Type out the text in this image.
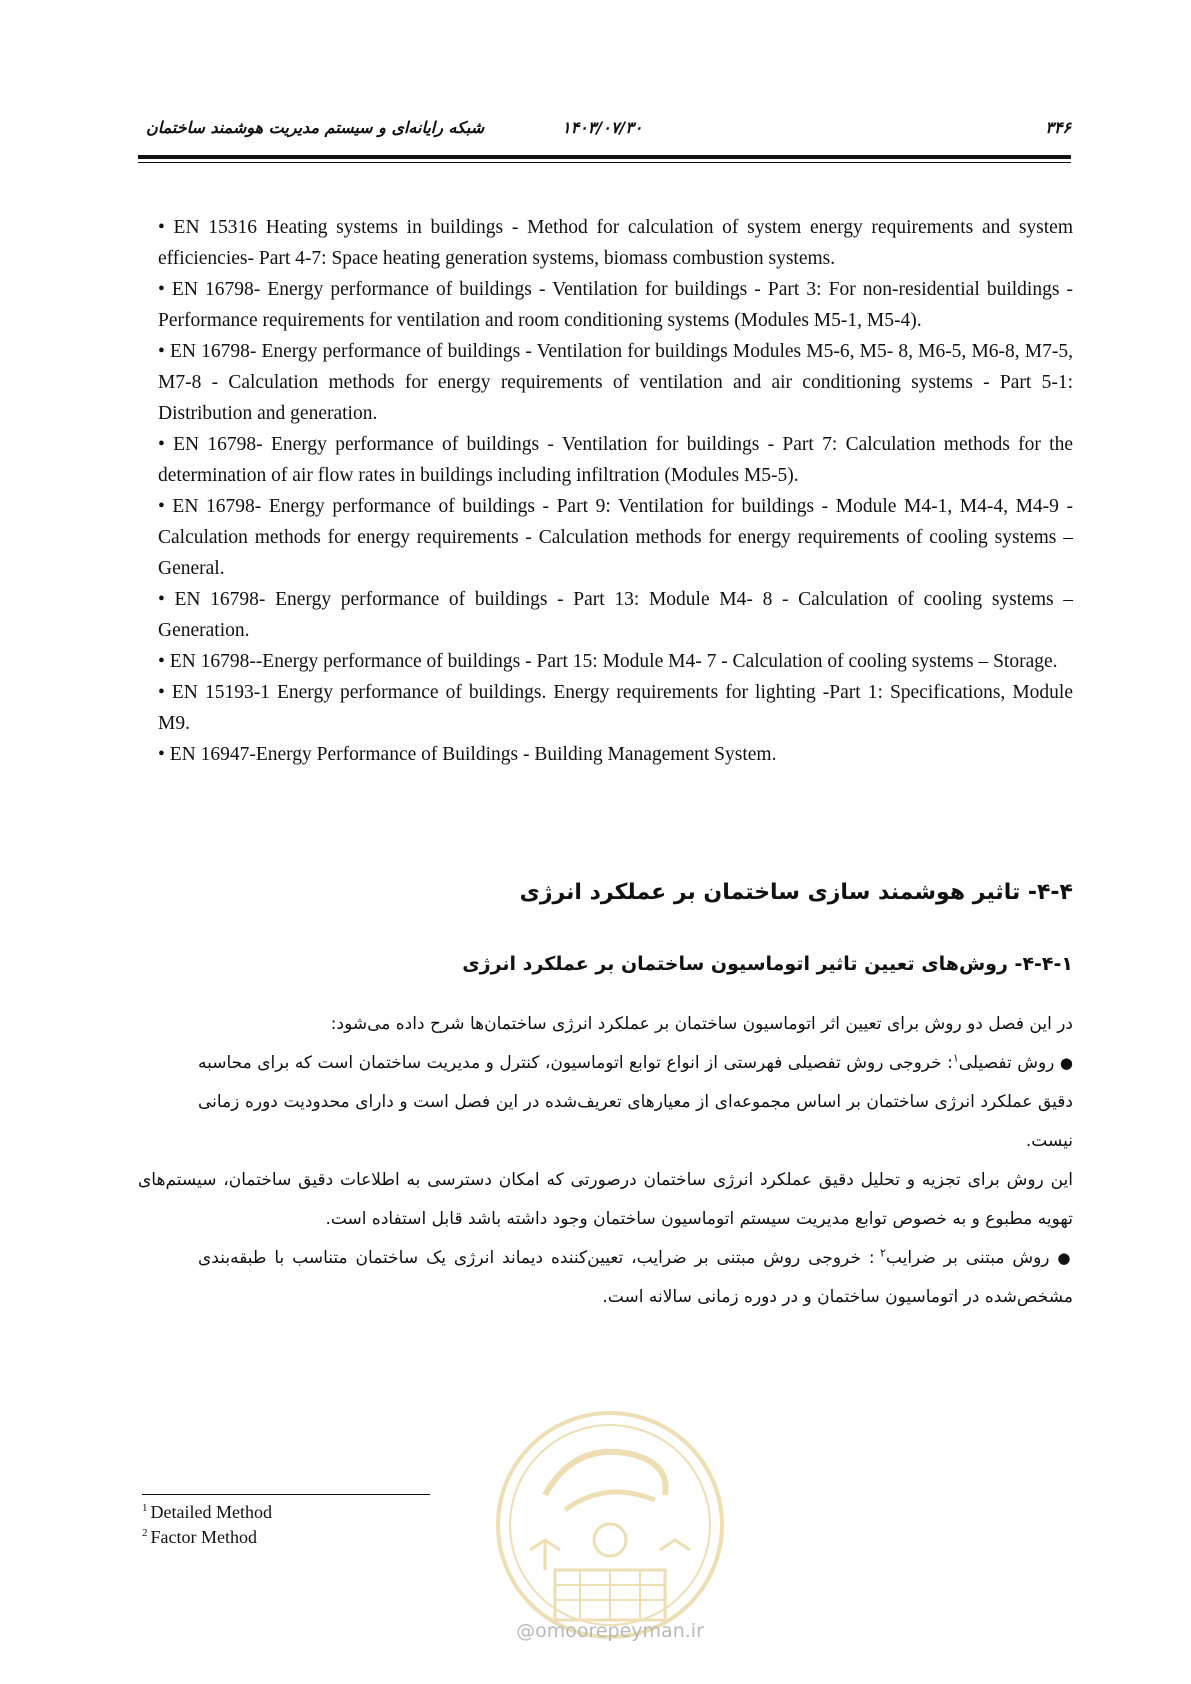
شبکه رایانه‌ای و سیستم مدیریت هوشمند ساختمان	۱۴۰۳/۰۷/۳۰	۳۴۶
• EN 15316 Heating systems in buildings - Method for calculation of system energy requirements and system efficiencies- Part 4-7: Space heating generation systems, biomass combustion systems.
• EN 16798- Energy performance of buildings - Ventilation for buildings - Part 3: For non-residential buildings - Performance requirements for ventilation and room conditioning systems (Modules M5-1, M5-4).
• EN 16798- Energy performance of buildings - Ventilation for buildings Modules M5-6, M5- 8, M6-5, M6-8, M7-5, M7-8 - Calculation methods for energy requirements of ventilation and air conditioning systems - Part 5-1: Distribution and generation.
• EN 16798- Energy performance of buildings - Ventilation for buildings - Part 7: Calculation methods for the determination of air flow rates in buildings including infiltration (Modules M5-5).
• EN 16798- Energy performance of buildings - Part 9: Ventilation for buildings - Module M4-1, M4-4, M4-9 - Calculation methods for energy requirements - Calculation methods for energy requirements of cooling systems –General.
• EN 16798- Energy performance of buildings - Part 13: Module M4- 8 - Calculation of cooling systems – Generation.
• EN 16798--Energy performance of buildings - Part 15: Module M4- 7 - Calculation of cooling systems – Storage.
• EN 15193-1 Energy performance of buildings. Energy requirements for lighting -Part 1: Specifications, Module M9.
• EN 16947-Energy Performance of Buildings - Building Management System.
۴-۴- تاثیر هوشمند سازی ساختمان بر عملکرد انرژی
۴-۴-۱- روش‌های تعیین تاثیر اتوماسیون ساختمان بر عملکرد انرژی

در این فصل دو روش برای تعیین اثر اتوماسیون ساختمان بر عملکرد انرژی ساختمان‌ها شرح داده می‌شود:

● روش تفصیلی$^۱$: خروجی روش تفصیلی فهرستی از انواع توابع اتوماسیون، کنترل و مدیریت ساختمان است که برای محاسبه دقیق عملکرد انرژی ساختمان بر اساس مجموعه‌ای از معیارهای تعریف‌شده در این فصل است و دارای محدودیت دوره زمانی نیست.

این روش برای تجزیه و تحلیل دقیق عملکرد انرژی ساختمان درصورتی که امکان دسترسی به اطلاعات دقیق ساختمان، سیستم‌های تهویه مطبوع و به خصوص توابع مدیریت سیستم اتوماسیون ساختمان وجود داشته باشد قابل استفاده است.

● روش مبتنی بر ضرایب$^۲$ : خروجی روش مبتنی بر ضرایب، تعیین‌کننده دیماند انرژی یک ساختمان متناسب با طبقه‌بندی مشخص‌شده در اتوماسیون ساختمان و در دوره زمانی سالانه است.

$^1$ Detailed Method
$^2$ Factor Method
@omoorepeyman.ir
